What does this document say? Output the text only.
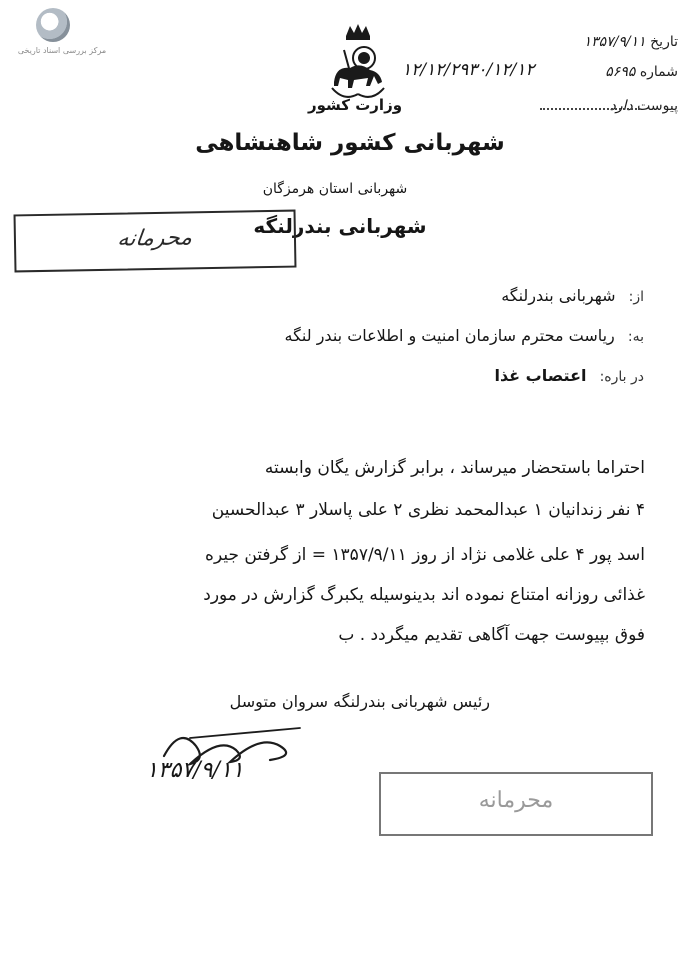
مرکز بررسی اسناد تاریخی
وزارت کشور
شهربانی کشور شاهنشاهی
شهربانی استان هرمزگان
شهربانی بندرلنگه
تاریخ ۱۳۵۷/۹/۱۱
شماره ۵۶۹۵
۱۲/۱۲/۲۹۳۰/۱۲/۱۲
پیوست دارد
محرمانه
از: شهربانی بندرلنگه
به: ریاست محترم سازمان امنیت و اطلاعات بندر لنگه
در باره: اعتصاب غذا
احتراما باستحضار میرساند ، برابر گزارش یگان وابسته
۴ نفر زندانیان ۱ عبدالمحمد نظری ۲ علی پاسلار ۳ عبدالحسین
اسد پور ۴ علی غلامی نژاد از روز ۱۳۵۷/۹/۱۱ = از گرفتن جیره
غذائی روزانه امتناع نموده اند بدینوسیله یکبرگ گزارش در مورد
فوق بپیوست جهت آگاهی تقدیم میگردد . ب
رئیس شهربانی بندرلنگه سروان متوسل
۱۳۵۷/۹/۱۱
محرمانه
